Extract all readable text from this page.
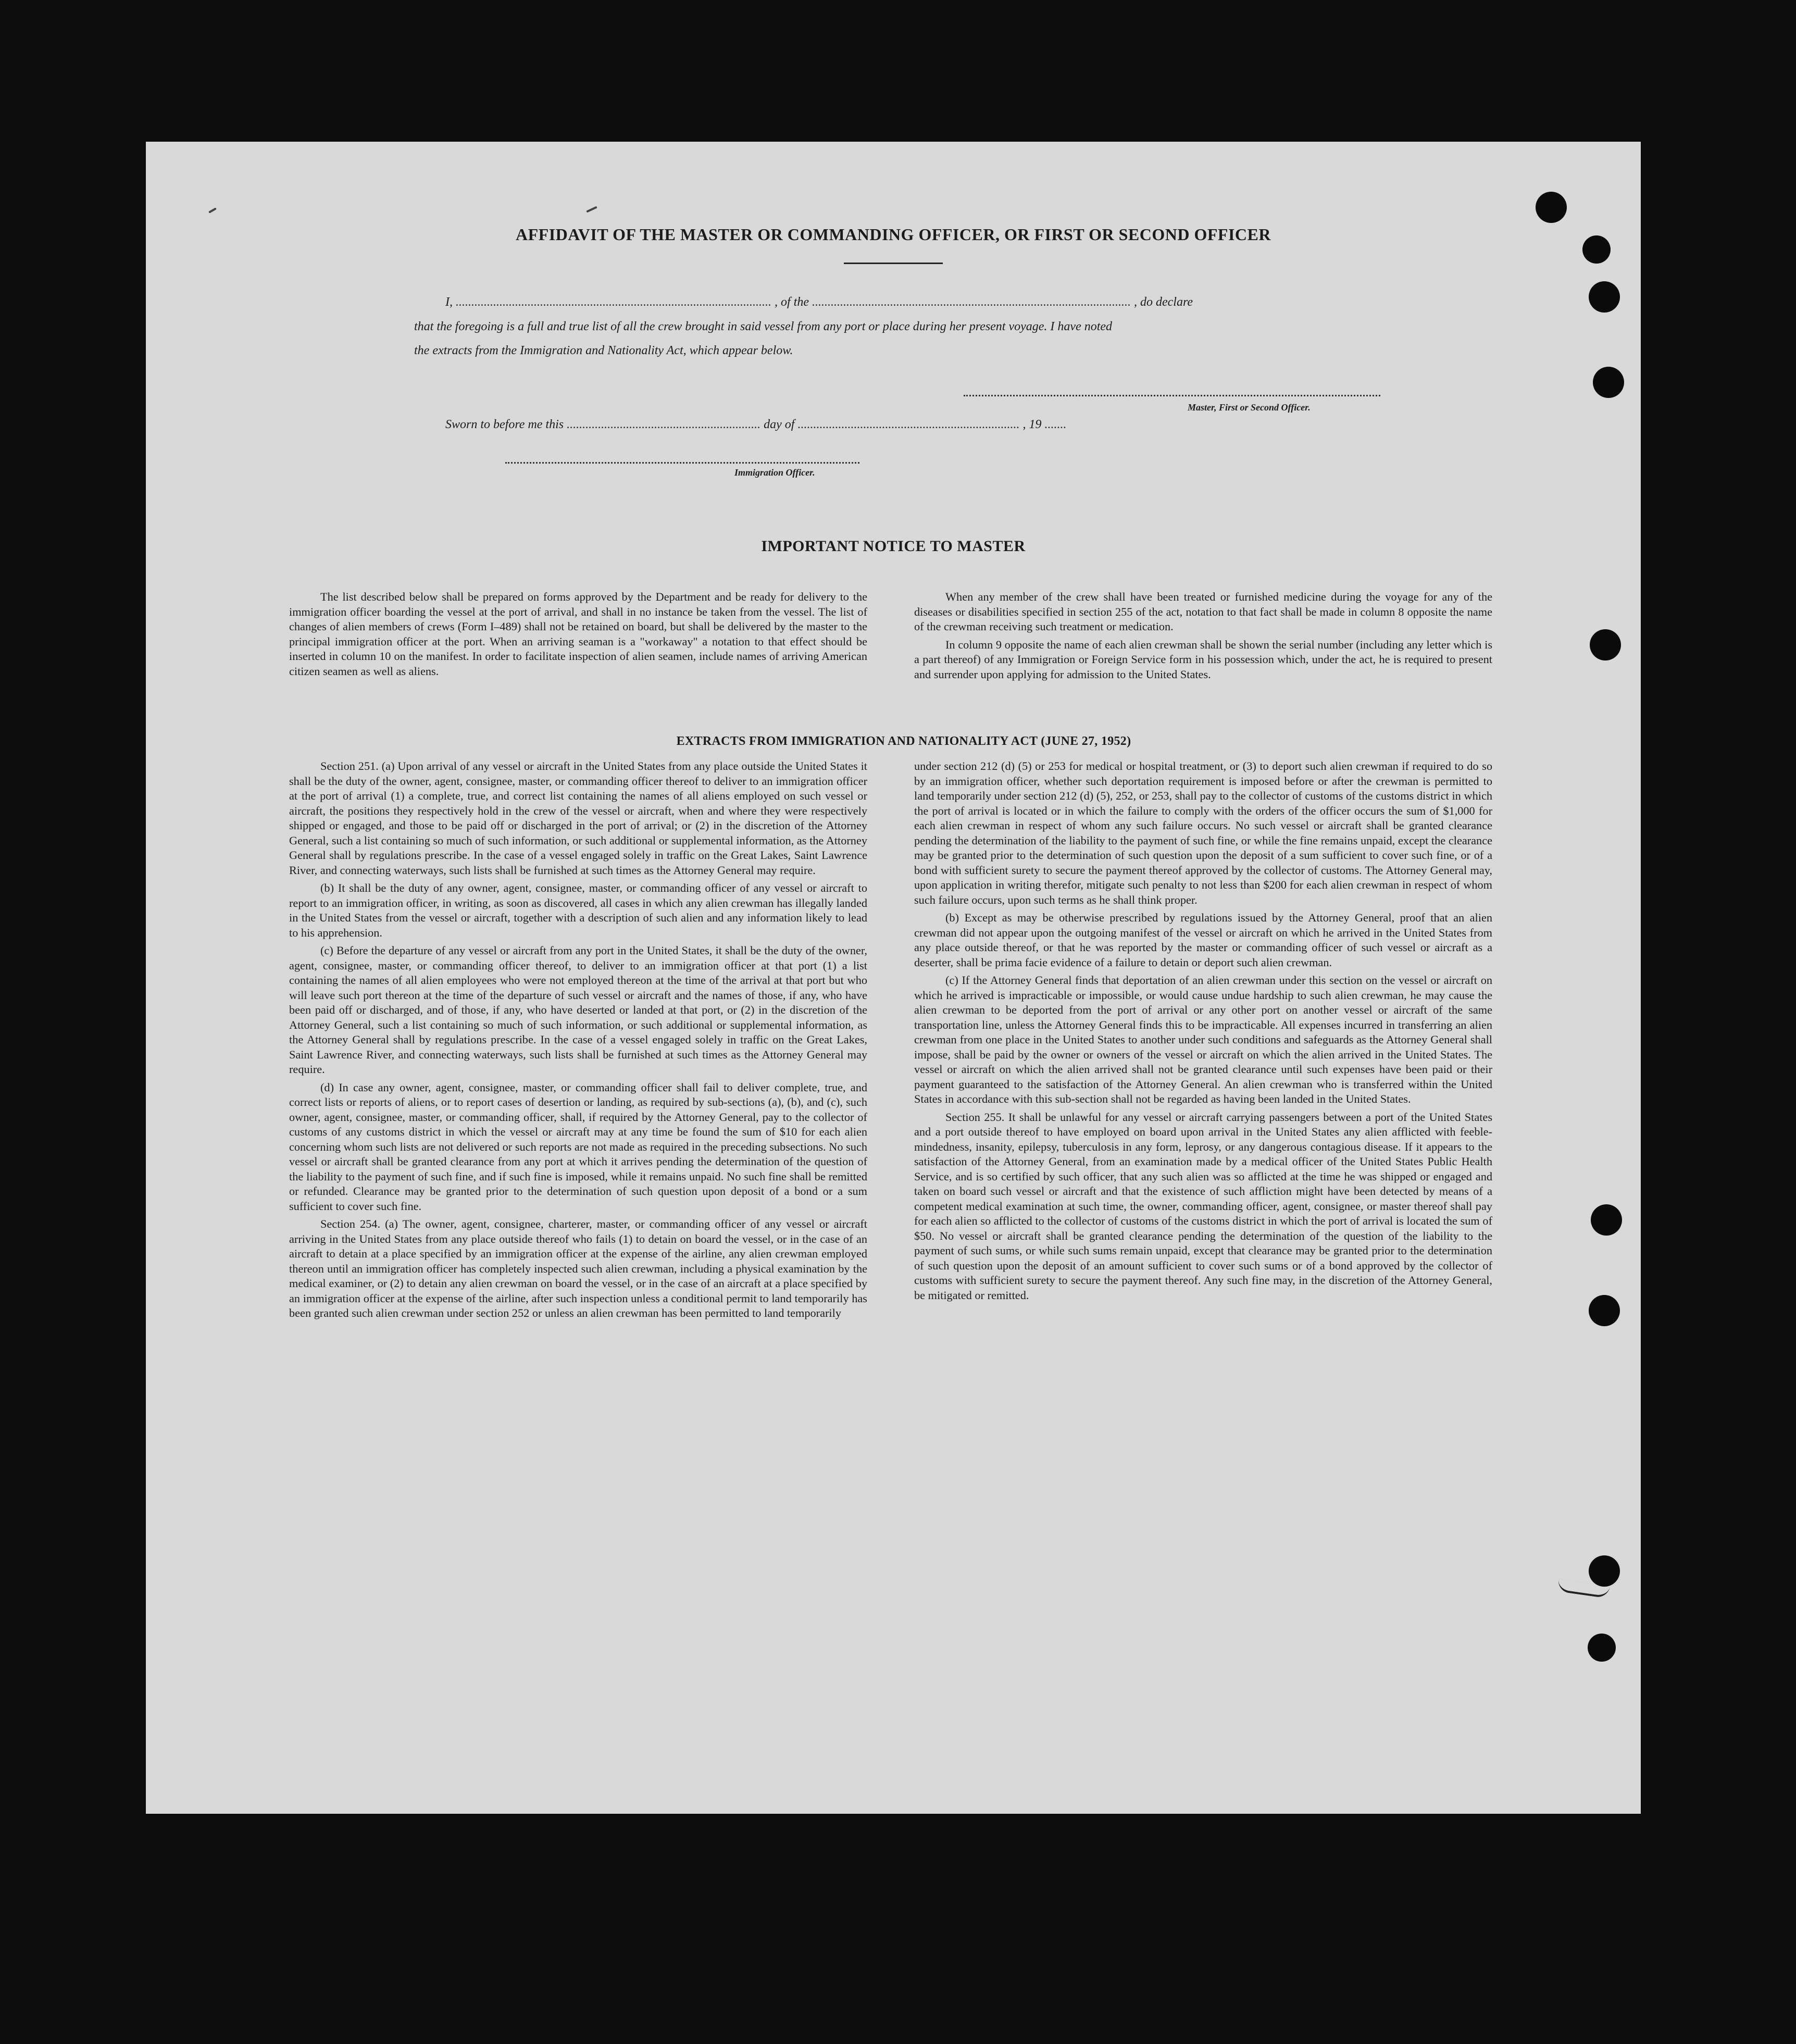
AFFIDAVIT OF THE MASTER OR COMMANDING OFFICER, OR FIRST OR SECOND OFFICER
I, ..................................................................................................... , of the ...................................................................................................... , do declare
that the foregoing is a full and true list of all the crew brought in said vessel from any port or place during her present voyage. I have noted
the extracts from the Immigration and Nationality Act, which appear below.
Master, First or Second Officer.
Sworn to before me this .............................................................. day of ....................................................................... , 19 .......
Immigration Officer.
IMPORTANT NOTICE TO MASTER

The list described below shall be prepared on forms approved by the Department and be ready for delivery to the immigration officer boarding the vessel at the port of arrival, and shall in no instance be taken from the vessel. The list of changes of alien members of crews (Form I–489) shall not be retained on board, but shall be delivered by the master to the principal immigration officer at the port. When an arriving seaman is a "workaway" a notation to that effect should be inserted in column 10 on the manifest. In order to facilitate inspection of alien seamen, include names of arriving American citizen seamen as well as aliens.

When any member of the crew shall have been treated or furnished medicine during the voyage for any of the diseases or disabilities specified in section 255 of the act, notation to that fact shall be made in column 8 opposite the name of the crewman receiving such treatment or medication.

In column 9 opposite the name of each alien crewman shall be shown the serial number (including any letter which is a part thereof) of any Immigration or Foreign Service form in his possession which, under the act, he is required to present and surrender upon applying for admission to the United States.

EXTRACTS FROM IMMIGRATION AND NATIONALITY ACT (JUNE 27, 1952)

Section 251. (a) Upon arrival of any vessel or aircraft in the United States from any place outside the United States it shall be the duty of the owner, agent, consignee, master, or commanding officer thereof to deliver to an immigration officer at the port of arrival (1) a complete, true, and correct list containing the names of all aliens employed on such vessel or aircraft, the positions they respectively hold in the crew of the vessel or aircraft, when and where they were respectively shipped or engaged, and those to be paid off or discharged in the port of arrival; or (2) in the discretion of the Attorney General, such a list containing so much of such information, or such additional or supplemental information, as the Attorney General shall by regulations prescribe. In the case of a vessel engaged solely in traffic on the Great Lakes, Saint Lawrence River, and connecting waterways, such lists shall be furnished at such times as the Attorney General may require.

(b) It shall be the duty of any owner, agent, consignee, master, or commanding officer of any vessel or aircraft to report to an immigration officer, in writing, as soon as discovered, all cases in which any alien crewman has illegally landed in the United States from the vessel or aircraft, together with a description of such alien and any information likely to lead to his apprehension.

(c) Before the departure of any vessel or aircraft from any port in the United States, it shall be the duty of the owner, agent, consignee, master, or commanding officer thereof, to deliver to an immigration officer at that port (1) a list containing the names of all alien employees who were not employed thereon at the time of the arrival at that port but who will leave such port thereon at the time of the departure of such vessel or aircraft and the names of those, if any, who have been paid off or discharged, and of those, if any, who have deserted or landed at that port, or (2) in the discretion of the Attorney General, such a list containing so much of such information, or such additional or supplemental information, as the Attorney General shall by regulations prescribe. In the case of a vessel engaged solely in traffic on the Great Lakes, Saint Lawrence River, and connecting waterways, such lists shall be furnished at such times as the Attorney General may require.

(d) In case any owner, agent, consignee, master, or commanding officer shall fail to deliver complete, true, and correct lists or reports of aliens, or to report cases of desertion or landing, as required by sub-sections (a), (b), and (c), such owner, agent, consignee, master, or commanding officer, shall, if required by the Attorney General, pay to the collector of customs of any customs district in which the vessel or aircraft may at any time be found the sum of $10 for each alien concerning whom such lists are not delivered or such reports are not made as required in the preceding subsections. No such vessel or aircraft shall be granted clearance from any port at which it arrives pending the determination of the question of the liability to the payment of such fine, and if such fine is imposed, while it remains unpaid. No such fine shall be remitted or refunded. Clearance may be granted prior to the determination of such question upon deposit of a bond or a sum sufficient to cover such fine.

Section 254. (a) The owner, agent, consignee, charterer, master, or commanding officer of any vessel or aircraft arriving in the United States from any place outside thereof who fails (1) to detain on board the vessel, or in the case of an aircraft to detain at a place specified by an immigration officer at the expense of the airline, any alien crewman employed thereon until an immigration officer has completely inspected such alien crewman, including a physical examination by the medical examiner, or (2) to detain any alien crewman on board the vessel, or in the case of an aircraft at a place specified by an immigration officer at the expense of the airline, after such inspection unless a conditional permit to land temporarily has been granted such alien crewman under section 252 or unless an alien crewman has been permitted to land temporarily

under section 212 (d) (5) or 253 for medical or hospital treatment, or (3) to deport such alien crewman if required to do so by an immigration officer, whether such deportation requirement is imposed before or after the crewman is permitted to land temporarily under section 212 (d) (5), 252, or 253, shall pay to the collector of customs of the customs district in which the port of arrival is located or in which the failure to comply with the orders of the officer occurs the sum of $1,000 for each alien crewman in respect of whom any such failure occurs. No such vessel or aircraft shall be granted clearance pending the determination of the liability to the payment of such fine, or while the fine remains unpaid, except the clearance may be granted prior to the determination of such question upon the deposit of a sum sufficient to cover such fine, or of a bond with sufficient surety to secure the payment thereof approved by the collector of customs. The Attorney General may, upon application in writing therefor, mitigate such penalty to not less than $200 for each alien crewman in respect of whom such failure occurs, upon such terms as he shall think proper.

(b) Except as may be otherwise prescribed by regulations issued by the Attorney General, proof that an alien crewman did not appear upon the outgoing manifest of the vessel or aircraft on which he arrived in the United States from any place outside thereof, or that he was reported by the master or commanding officer of such vessel or aircraft as a deserter, shall be prima facie evidence of a failure to detain or deport such alien crewman.

(c) If the Attorney General finds that deportation of an alien crewman under this section on the vessel or aircraft on which he arrived is impracticable or impossible, or would cause undue hardship to such alien crewman, he may cause the alien crewman to be deported from the port of arrival or any other port on another vessel or aircraft of the same transportation line, unless the Attorney General finds this to be impracticable. All expenses incurred in transferring an alien crewman from one place in the United States to another under such conditions and safeguards as the Attorney General shall impose, shall be paid by the owner or owners of the vessel or aircraft on which the alien arrived in the United States. The vessel or aircraft on which the alien arrived shall not be granted clearance until such expenses have been paid or their payment guaranteed to the satisfaction of the Attorney General. An alien crewman who is transferred within the United States in accordance with this sub-section shall not be regarded as having been landed in the United States.

Section 255. It shall be unlawful for any vessel or aircraft carrying passengers between a port of the United States and a port outside thereof to have employed on board upon arrival in the United States any alien afflicted with feeble-mindedness, insanity, epilepsy, tuberculosis in any form, leprosy, or any dangerous contagious disease. If it appears to the satisfaction of the Attorney General, from an examination made by a medical officer of the United States Public Health Service, and is so certified by such officer, that any such alien was so afflicted at the time he was shipped or engaged and taken on board such vessel or aircraft and that the existence of such affliction might have been detected by means of a competent medical examination at such time, the owner, commanding officer, agent, consignee, or master thereof shall pay for each alien so afflicted to the collector of customs of the customs district in which the port of arrival is located the sum of $50. No vessel or aircraft shall be granted clearance pending the determination of the question of the liability to the payment of such sums, or while such sums remain unpaid, except that clearance may be granted prior to the determination of such question upon the deposit of an amount sufficient to cover such sums or of a bond approved by the collector of customs with sufficient surety to secure the payment thereof. Any such fine may, in the discretion of the Attorney General, be mitigated or remitted.
